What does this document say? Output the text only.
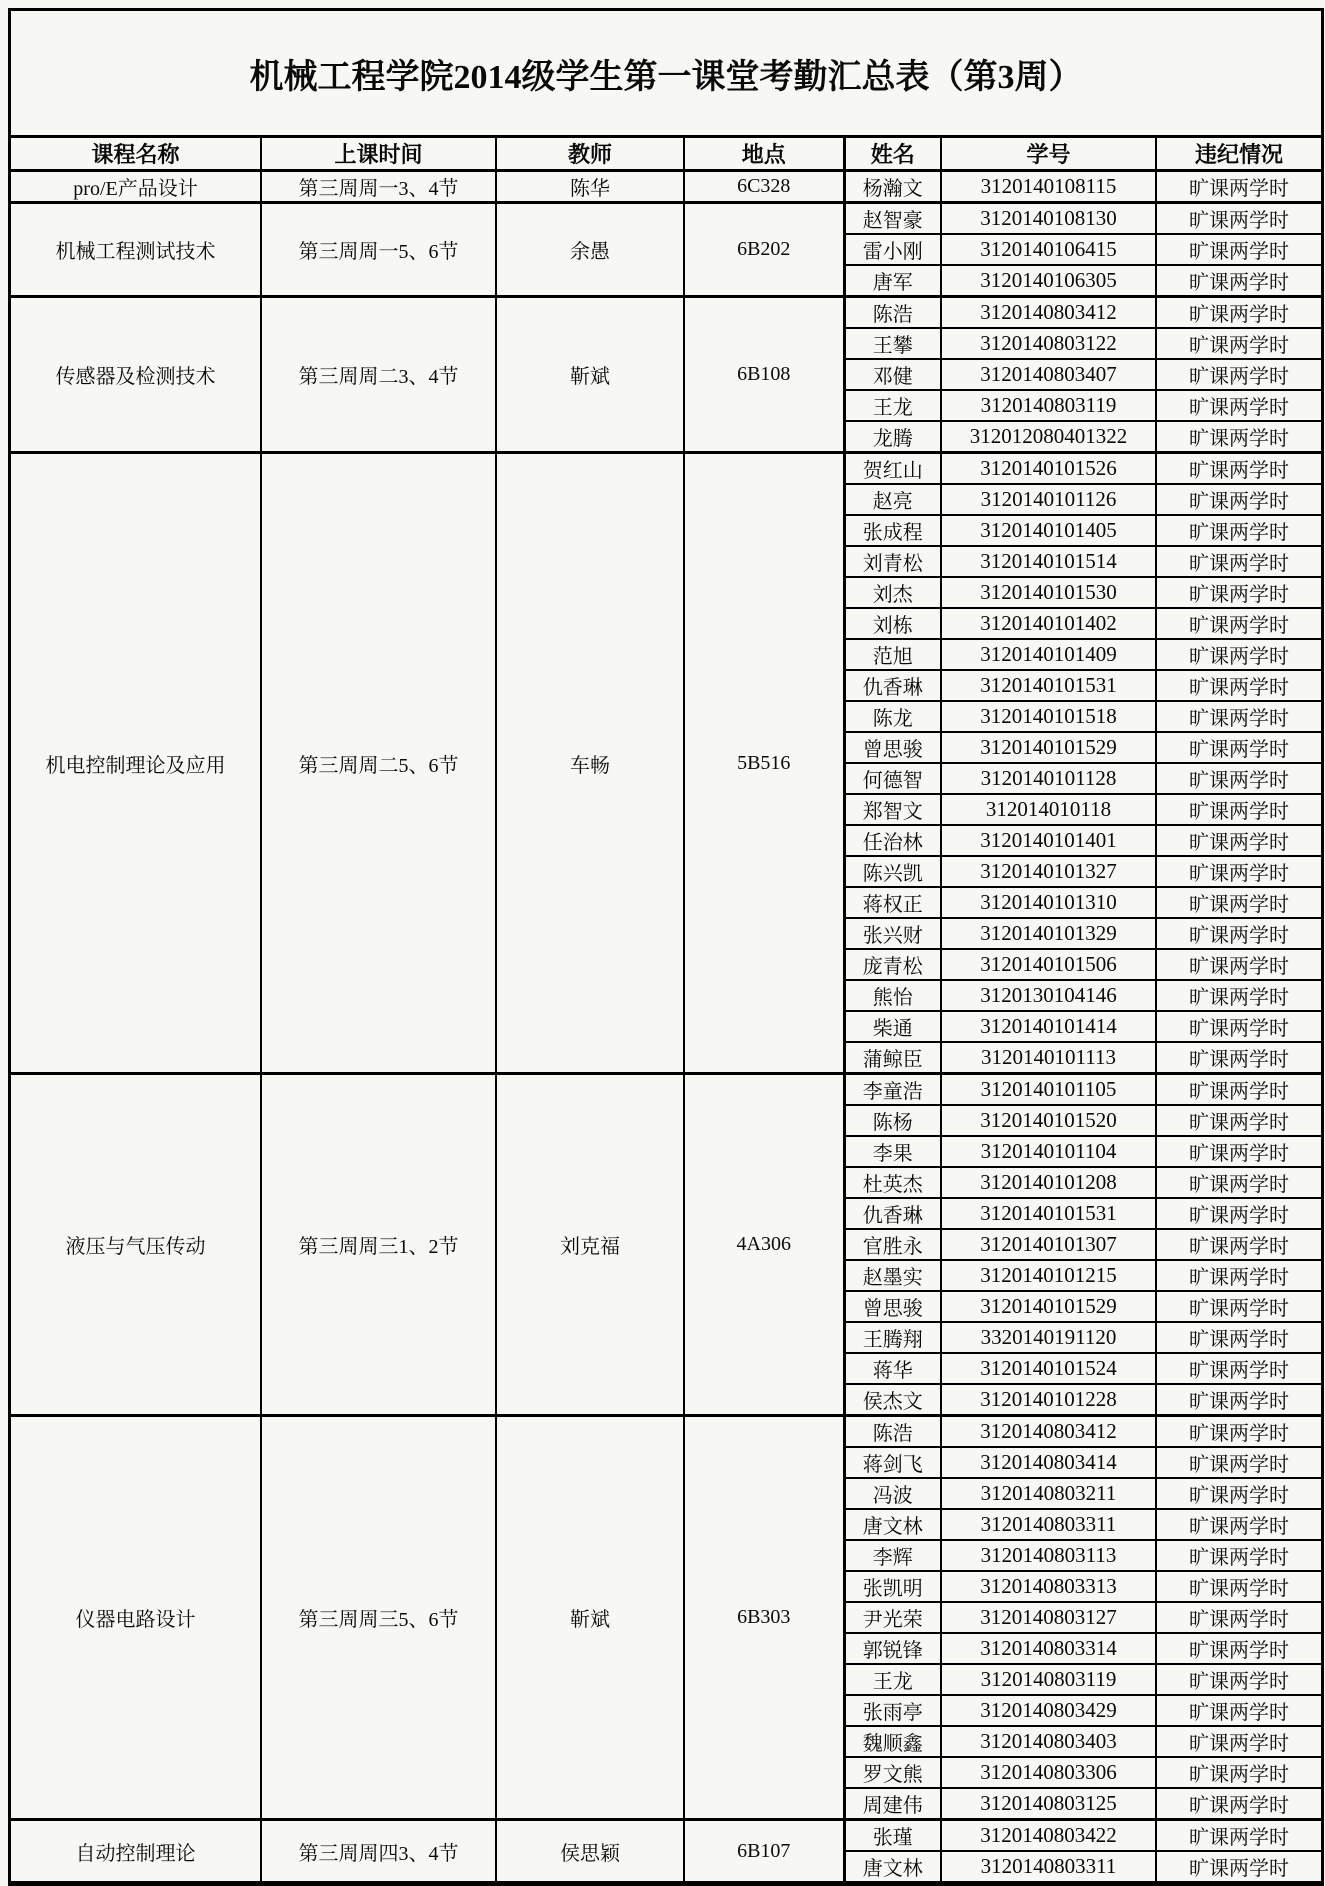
机械工程学院2014级学生第一课堂考勤汇总表（第3周）
课程名称	上课时间	教师	地点	姓名	学号	违纪情况
pro/E产品设计	第三周周一3、4节	陈华	6C328	杨瀚文	3120140108115	旷课两学时
机械工程测试技术	第三周周一5、6节	余愚	6B202	赵智豪	3120140108130	旷课两学时
				雷小刚	3120140106415	旷课两学时
				唐军	3120140106305	旷课两学时
传感器及检测技术	第三周周二3、4节	靳斌	6B108	陈浩	3120140803412	旷课两学时
				王攀	3120140803122	旷课两学时
				邓健	3120140803407	旷课两学时
				王龙	3120140803119	旷课两学时
				龙腾	312012080401322	旷课两学时
机电控制理论及应用	第三周周二5、6节	车畅	5B516	贺红山	3120140101526	旷课两学时
				赵亮	3120140101126	旷课两学时
				张成程	3120140101405	旷课两学时
				刘青松	3120140101514	旷课两学时
				刘杰	3120140101530	旷课两学时
				刘栋	3120140101402	旷课两学时
				范旭	3120140101409	旷课两学时
				仇香琳	3120140101531	旷课两学时
				陈龙	3120140101518	旷课两学时
				曾思骏	3120140101529	旷课两学时
				何德智	3120140101128	旷课两学时
				郑智文	312014010118	旷课两学时
				任治林	3120140101401	旷课两学时
				陈兴凯	3120140101327	旷课两学时
				蒋权正	3120140101310	旷课两学时
				张兴财	3120140101329	旷课两学时
				庞青松	3120140101506	旷课两学时
				熊怡	3120130104146	旷课两学时
				柴通	3120140101414	旷课两学时
				蒲鲸臣	3120140101113	旷课两学时
液压与气压传动	第三周周三1、2节	刘克福	4A306	李童浩	3120140101105	旷课两学时
				陈杨	3120140101520	旷课两学时
				李果	3120140101104	旷课两学时
				杜英杰	3120140101208	旷课两学时
				仇香琳	3120140101531	旷课两学时
				官胜永	3120140101307	旷课两学时
				赵墨实	3120140101215	旷课两学时
				曾思骏	3120140101529	旷课两学时
				王腾翔	3320140191120	旷课两学时
				蒋华	3120140101524	旷课两学时
				侯杰文	3120140101228	旷课两学时
仪器电路设计	第三周周三5、6节	靳斌	6B303	陈浩	3120140803412	旷课两学时
				蒋剑飞	3120140803414	旷课两学时
				冯波	3120140803211	旷课两学时
				唐文林	3120140803311	旷课两学时
				李辉	3120140803113	旷课两学时
				张凯明	3120140803313	旷课两学时
				尹光荣	3120140803127	旷课两学时
				郭锐锋	3120140803314	旷课两学时
				王龙	3120140803119	旷课两学时
				张雨亭	3120140803429	旷课两学时
				魏顺鑫	3120140803403	旷课两学时
				罗文熊	3120140803306	旷课两学时
				周建伟	3120140803125	旷课两学时
自动控制理论	第三周周四3、4节	侯思颖	6B107	张瑾	3120140803422	旷课两学时
				唐文林	3120140803311	旷课两学时
